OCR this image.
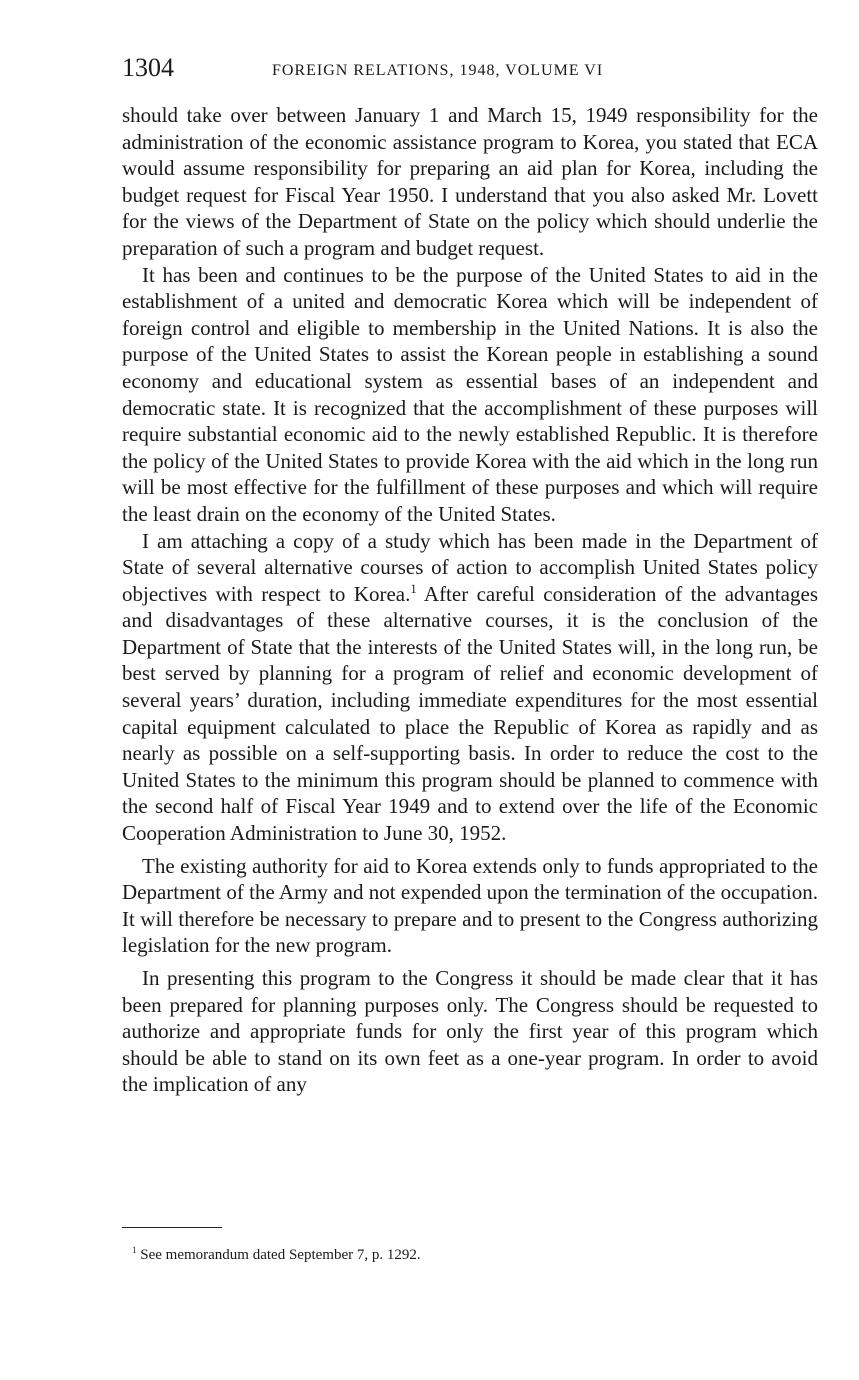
1304	FOREIGN RELATIONS, 1948, VOLUME VI

should take over between January 1 and March 15, 1949 responsibility for the administration of the economic assistance program to Korea, you stated that ECA would assume responsibility for preparing an aid plan for Korea, including the budget request for Fiscal Year 1950. I understand that you also asked Mr. Lovett for the views of the Department of State on the policy which should underlie the preparation of such a program and budget request.

It has been and continues to be the purpose of the United States to aid in the establishment of a united and democratic Korea which will be independent of foreign control and eligible to membership in the United Nations. It is also the purpose of the United States to assist the Korean people in establishing a sound economy and educational system as essential bases of an independent and democratic state. It is recognized that the accomplishment of these purposes will require substantial economic aid to the newly established Republic. It is therefore the policy of the United States to provide Korea with the aid which in the long run will be most effective for the fulfillment of these purposes and which will require the least drain on the economy of the United States.

I am attaching a copy of a study which has been made in the Department of State of several alternative courses of action to accomplish United States policy objectives with respect to Korea.$^1$ After careful consideration of the advantages and disadvantages of these alternative courses, it is the conclusion of the Department of State that the interests of the United States will, in the long run, be best served by planning for a program of relief and economic development of several years’ duration, including immediate expenditures for the most essential capital equipment calculated to place the Republic of Korea as rapidly and as nearly as possible on a self-supporting basis. In order to reduce the cost to the United States to the minimum this program should be planned to commence with the second half of Fiscal Year 1949 and to extend over the life of the Economic Cooperation Administration to June 30, 1952.

The existing authority for aid to Korea extends only to funds appropriated to the Department of the Army and not expended upon the termination of the occupation. It will therefore be necessary to prepare and to present to the Congress authorizing legislation for the new program.

In presenting this program to the Congress it should be made clear that it has been prepared for planning purposes only. The Congress should be requested to authorize and appropriate funds for only the first year of this program which should be able to stand on its own feet as a one-year program. In order to avoid the implication of any

$^1$ See memorandum dated September 7, p. 1292.
